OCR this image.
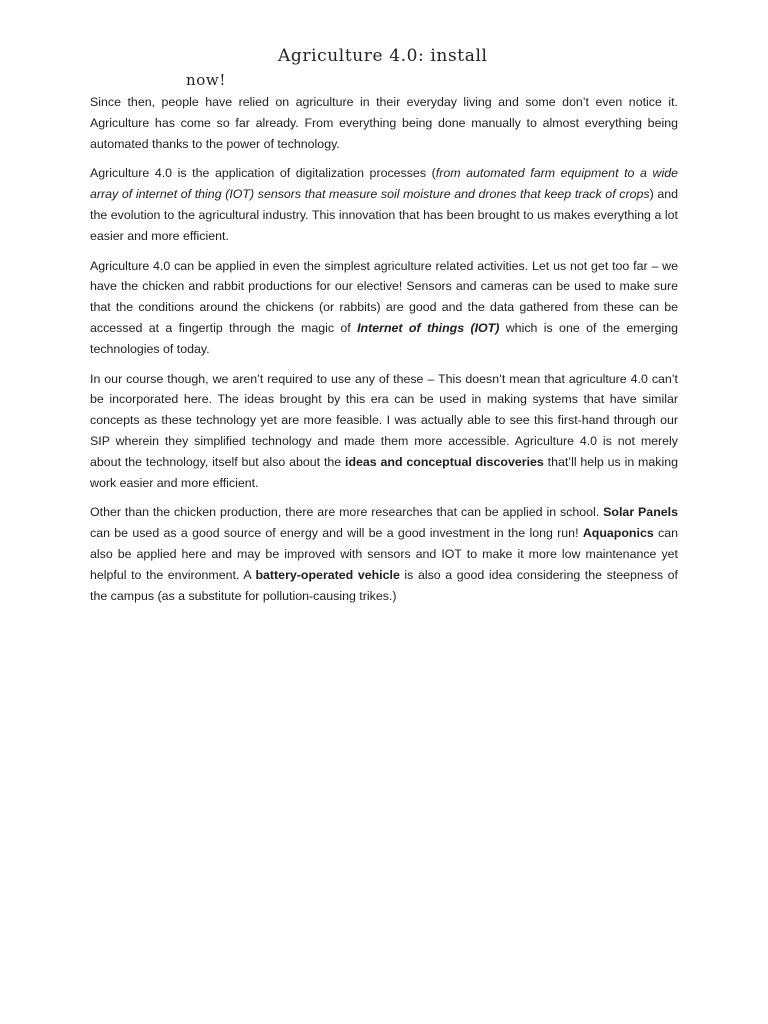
Agriculture 4.0: install
now!

Since then, people have relied on agriculture in their everyday living and some don’t even notice it. Agriculture has come so far already. From everything being done manually to almost everything being automated thanks to the power of technology.

Agriculture 4.0 is the application of digitalization processes (from automated farm equipment to a wide array of internet of thing (IOT) sensors that measure soil moisture and drones that keep track of crops) and the evolution to the agricultural industry. This innovation that has been brought to us makes everything a lot easier and more efficient.

Agriculture 4.0 can be applied in even the simplest agriculture related activities. Let us not get too far – we have the chicken and rabbit productions for our elective! Sensors and cameras can be used to make sure that the conditions around the chickens (or rabbits) are good and the data gathered from these can be accessed at a fingertip through the magic of Internet of things (IOT) which is one of the emerging technologies of today.

In our course though, we aren’t required to use any of these – This doesn’t mean that agriculture 4.0 can’t be incorporated here. The ideas brought by this era can be used in making systems that have similar concepts as these technology yet are more feasible. I was actually able to see this first-hand through our SIP wherein they simplified technology and made them more accessible. Agriculture 4.0 is not merely about the technology, itself but also about the ideas and conceptual discoveries that’ll help us in making work easier and more efficient.

Other than the chicken production, there are more researches that can be applied in school. Solar Panels can be used as a good source of energy and will be a good investment in the long run! Aquaponics can also be applied here and may be improved with sensors and IOT to make it more low maintenance yet helpful to the environment. A battery-operated vehicle is also a good idea considering the steepness of the campus (as a substitute for pollution-causing trikes.)
